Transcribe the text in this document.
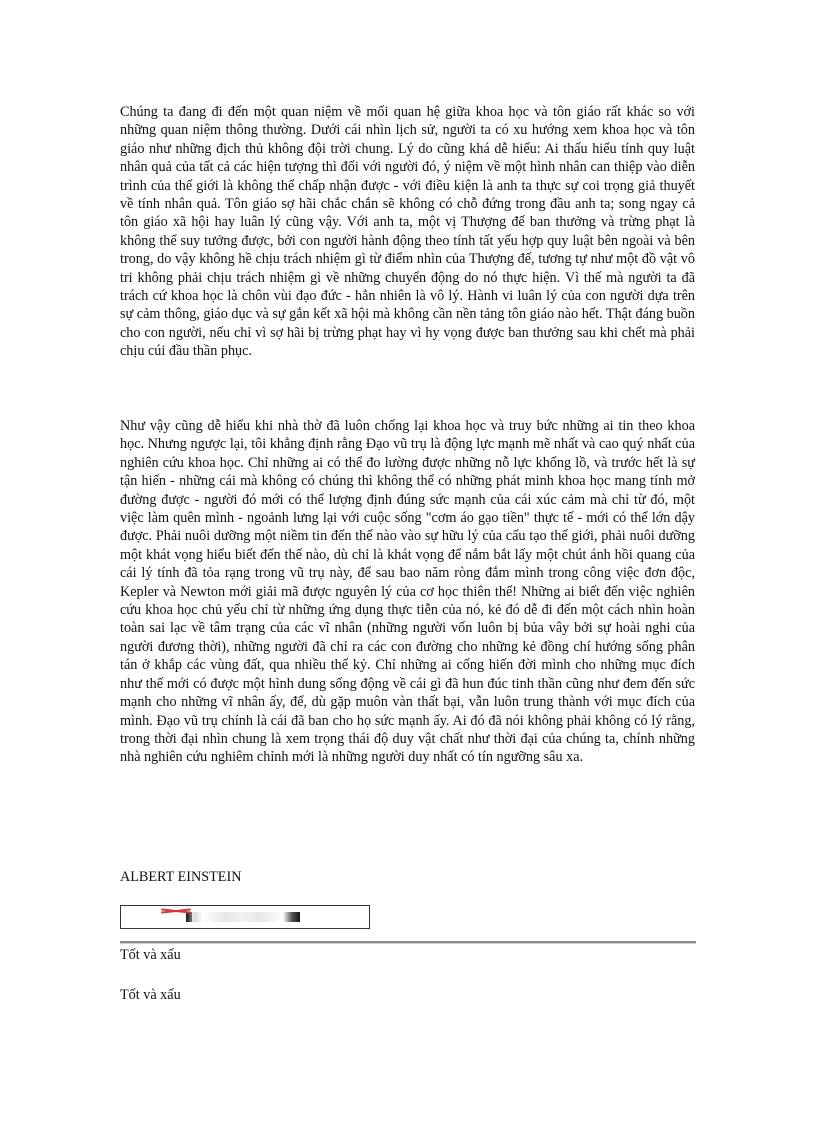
Chúng ta đang đi đến một quan niệm về mối quan hệ giữa khoa học và tôn giáo rất khác so với những quan niệm thông thường. Dưới cái nhìn lịch sử, người ta có xu hướng xem khoa học và tôn giáo như những địch thủ không đội trời chung. Lý do cũng khá dễ hiểu: Ai thấu hiểu tính quy luật nhân quả của tất cả các hiện tượng thì đối với người đó, ý niệm về một hình nhân can thiệp vào diễn trình của thế giới là không thể chấp nhận được - với điều kiện là anh ta thực sự coi trọng giả thuyết về tính nhân quả. Tôn giáo sợ hãi chắc chắn sẽ không có chỗ đứng trong đầu anh ta; song ngay cả tôn giáo xã hội hay luân lý cũng vậy. Với anh ta, một vị Thượng đế ban thưởng và trừng phạt là không thể suy tưởng được, bởi con người hành động theo tính tất yếu hợp quy luật bên ngoài và bên trong, do vậy không hề chịu trách nhiệm gì từ điểm nhìn của Thượng đế, tương tự như một đồ vật vô tri không phải chịu trách nhiệm gì về những chuyển động do nó thực hiện. Vì thế mà người ta đã trách cứ khoa học là chôn vùi đạo đức - hẳn nhiên là vô lý. Hành vi luân lý của con người dựa trên sự cảm thông, giáo dục và sự gắn kết xã hội mà không cần nền tảng tôn giáo nào hết. Thật đáng buồn cho con người, nếu chỉ vì sợ hãi bị trừng phạt hay vì hy vọng được ban thưởng sau khi chết mà phải chịu cúi đầu thần phục.

Như vậy cũng dễ hiểu khi nhà thờ đã luôn chống lại khoa học và truy bức những ai tin theo khoa học. Nhưng ngược lại, tôi khẳng định rằng Đạo vũ trụ là động lực mạnh mẽ nhất và cao quý nhất của nghiên cứu khoa học. Chỉ những ai có thể đo lường được những nỗ lực khổng lồ, và trước hết là sự tận hiến - những cái mà không có chúng thì không thể có những phát minh khoa học mang tính mở đường được - người đó mới có thể lượng định đúng sức mạnh của cái xúc cảm mà chỉ từ đó, một việc làm quên mình - ngoảnh lưng lại với cuộc sống "cơm áo gạo tiền" thực tế - mới có thể lớn dậy được. Phải nuôi dưỡng một niềm tin đến thế nào vào sự hữu lý của cấu tạo thế giới, phải nuôi dưỡng một khát vọng hiểu biết đến thế nào, dù chỉ là khát vọng để nắm bắt lấy một chút ánh hồi quang của cái lý tính đã tỏa rạng trong vũ trụ này, để sau bao năm ròng đắm mình trong công việc đơn độc, Kepler và Newton mới giải mã được nguyên lý của cơ học thiên thể! Những ai biết đến việc nghiên cứu khoa học chủ yếu chỉ từ những ứng dụng thực tiễn của nó, kẻ đó dễ đi đến một cách nhìn hoàn toàn sai lạc về tâm trạng của các vĩ nhân (những người vốn luôn bị bủa vây bởi sự hoài nghi của người đương thời), những người đã chỉ ra các con đường cho những kẻ đồng chí hướng sống phân tán ở khắp các vùng đất, qua nhiều thế kỷ. Chỉ những ai cống hiến đời mình cho những mục đích như thế mới có được một hình dung sống động về cái gì đã hun đúc tinh thần cũng như đem đến sức mạnh cho những vĩ nhân ấy, để, dù gặp muôn vàn thất bại, vẫn luôn trung thành với mục đích của mình. Đạo vũ trụ chính là cái đã ban cho họ sức mạnh ấy. Ai đó đã nói không phải không có lý rằng, trong thời đại nhìn chung là xem trọng thái độ duy vật chất như thời đại của chúng ta, chính những nhà nghiên cứu nghiêm chỉnh mới là những người duy nhất có tín ngưỡng sâu xa.

ALBERT EINSTEIN

Tốt và xấu

Tốt và xấu
